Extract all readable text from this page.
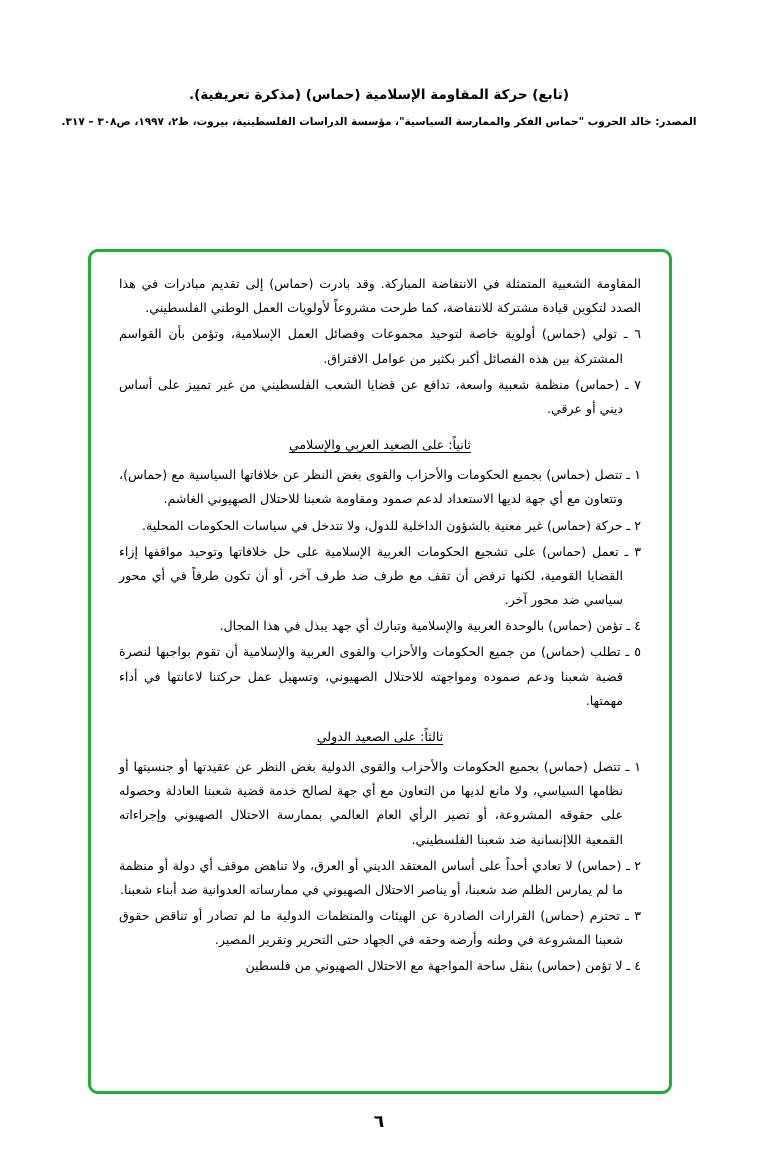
(تابع) حركة المقاومة الإسلامية (حماس) (مذكرة تعريفية).
المصدر: خالد الحروب "حماس الفكر والممارسة السياسية"، مؤسسة الدراسات الفلسطينية، بيروت، ط٢، ١٩٩٧، ص٣٠٨ – ٣١٧.

المقاومة الشعبية المتمثلة في الانتفاضة المباركة. وقد بادرت (حماس) إلى تقديم مبادرات في هذا الصدد لتكوين قيادة مشتركة للانتفاضة، كما طرحت مشروعاً لأولويات العمل الوطني الفلسطيني.

٦ ـ تولي (حماس) أولوية خاصة لتوحيد مجموعات وفصائل العمل الإسلامية، وتؤمن بأن القواسم المشتركة بين هذه الفصائل أكبر بكثير من عوامل الافتراق.

٧ ـ (حماس) منظمة شعبية واسعة، تدافع عن قضايا الشعب الفلسطيني من غير تمييز على أساس ديني أو عرقي.

ثانياً: على الصعيد العربي والإسلامي

١ ـ تتصل (حماس) بجميع الحكومات والأحزاب والقوى بغض النظر عن خلافاتها السياسية مع (حماس)، وتتعاون مع أي جهة لديها الاستعداد لدعم صمود ومقاومة شعبنا للاحتلال الصهيوني الغاشم.

٢ ـ حركة (حماس) غير معنية بالشؤون الداخلية للدول، ولا تتدخل في سياسات الحكومات المحلية.

٣ ـ تعمل (حماس) على تشجيع الحكومات العربية الإسلامية على حل خلافاتها وتوحيد مواقفها إزاء القضايا القومية، لكنها ترفض أن تقف مع طرف ضد طرف آخر، أو أن تكون طرفاً في أي محور سياسي ضد محور آخر.

٤ ـ تؤمن (حماس) بالوحدة العربية والإسلامية وتبارك أي جهد يبذل في هذا المجال.

٥ ـ تطلب (حماس) من جميع الحكومات والأحزاب والقوى العربية والإسلامية أن تقوم بواجبها لنصرة قضية شعبنا ودعم صموده ومواجهته للاحتلال الصهيوني، وتسهيل عمل حركتنا لاعانتها في أداء مهمتها.

ثالثاً: على الصعيد الدولي

١ ـ تتصل (حماس) بجميع الحكومات والأحزاب والقوى الدولية بغض النظر عن عقيدتها أو جنسيتها أو نظامها السياسي، ولا مانع لديها من التعاون مع أي جهة لصالح خدمة قضية شعبنا العادلة وحصوله على حقوقه المشروعة، أو تصير الرأي العام العالمي بممارسة الاحتلال الصهيوني وإجراءاته القمعية اللاإنسانية ضد شعبنا الفلسطيني.

٢ ـ (حماس) لا تعادي أحداً على أساس المعتقد الديني أو العرق، ولا تناهض موقف أي دولة أو منظمة ما لم يمارس الظلم ضد شعبنا، أو يناصر الاحتلال الصهيوني في ممارساته العدوانية ضد أبناء شعبنا.

٣ ـ تحترم (حماس) القرارات الصادرة عن الهيئات والمنظمات الدولية ما لم تصادر أو تناقض حقوق شعبنا المشروعة في وطنه وأرضه وحقه في الجهاد حتى التحرير وتقرير المصير.

٤ ـ لا تؤمن (حماس) بنقل ساحة المواجهة مع الاحتلال الصهيوني من فلسطين

٦
